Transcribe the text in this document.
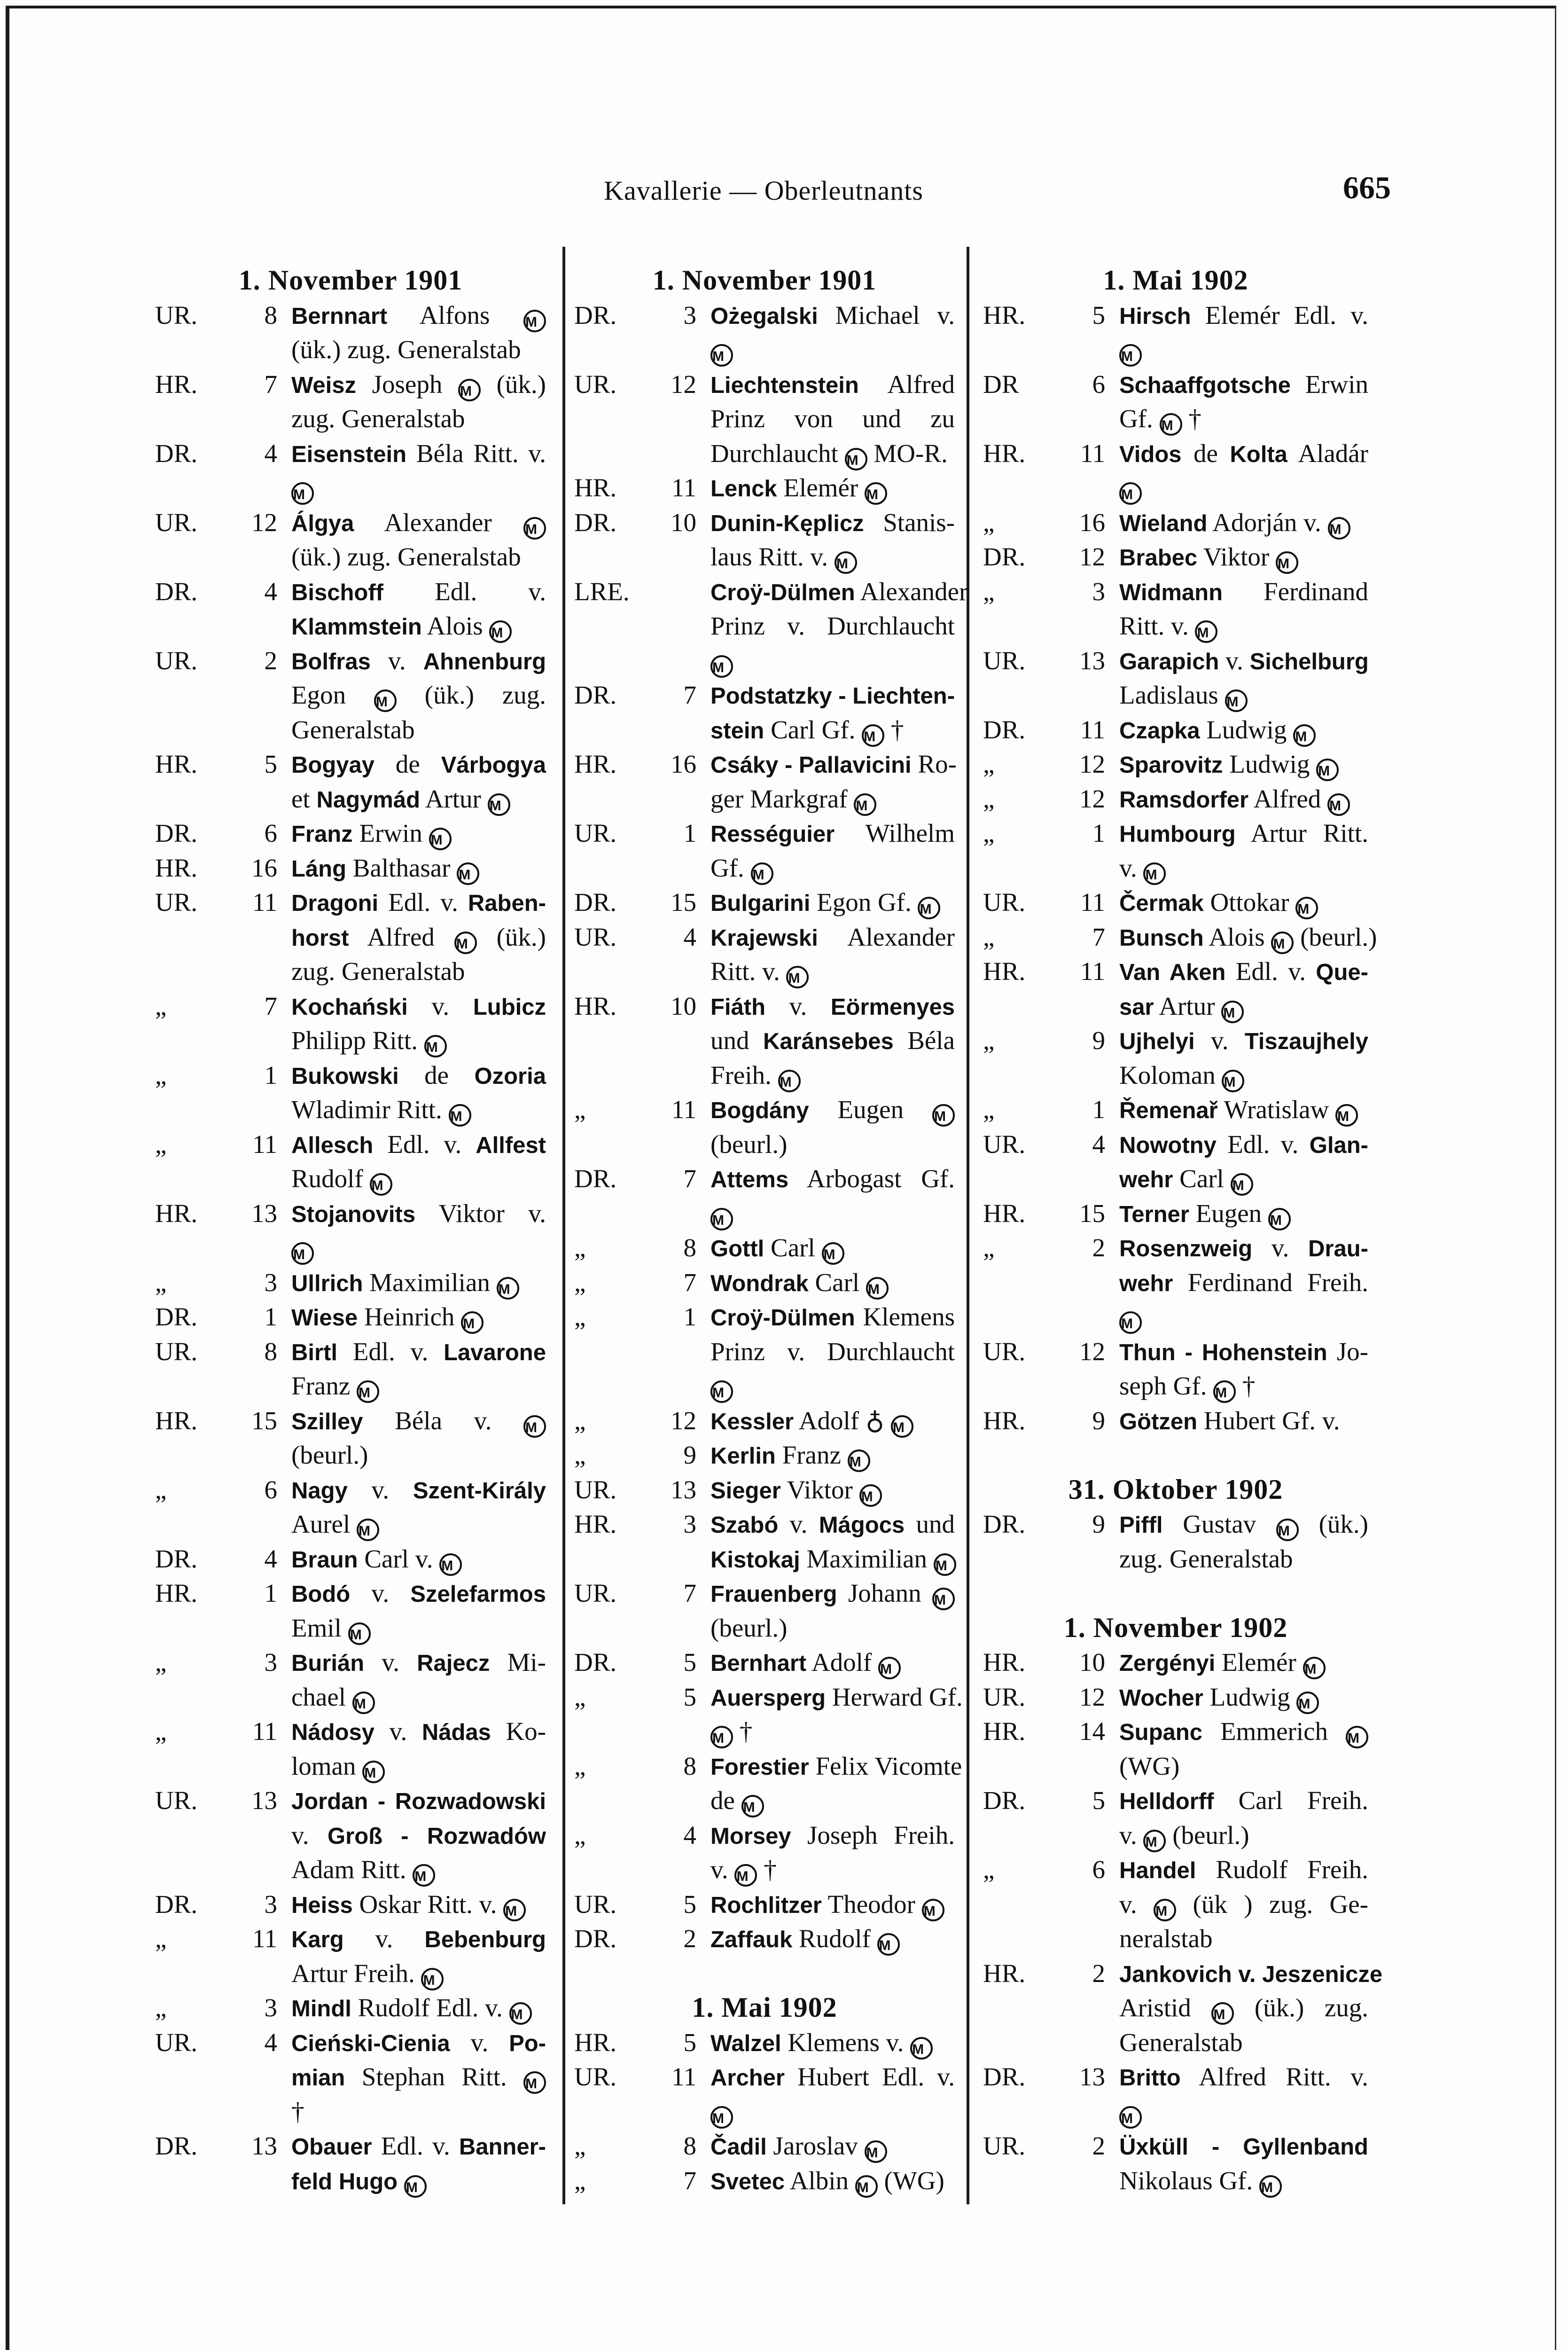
Kavallerie — Oberleutnants	665
1. November 1901
UR.	8 Bernnart Alfons M
(ük.) zug. Generalstab
HR.	7 Weisz Joseph M (ük.)
zug. Generalstab
DR.	4 Eisenstein Béla Ritt. v.
M
UR.	12 Álgya Alexander M
(ük.) zug. Generalstab
DR.	4 Bischoff Edl. v.
Klammstein Alois M
UR.	2 Bolfras v. Ahnenburg
Egon M (ük.) zug.
Generalstab
HR.	5 Bogyay de Várbogya
et Nagymád Artur M
DR.	6 Franz Erwin M
HR.	16 Láng Balthasar M
UR.	11 Dragoni Edl. v. Raben-
horst Alfred M (ük.)
zug. Generalstab
„	7 Kochański v. Lubicz
Philipp Ritt. M
„	1 Bukowski de Ozoria
Wladimir Ritt. M
„	11 Allesch Edl. v. Allfest
Rudolf M
HR.	13 Stojanovits Viktor v.
M
„	3 Ullrich Maximilian M
DR.	1 Wiese Heinrich M
UR.	8 Birtl Edl. v. Lavarone
Franz M
HR.	15 Szilley Béla v. M
(beurl.)
„	6 Nagy v. Szent-Király
Aurel M
DR.	4 Braun Carl v. M
HR.	1 Bodó v. Szelefarmos
Emil M
„	3 Burián v. Rajecz Mi-
chael M
„	11 Nádosy v. Nádas Ko-
loman M
UR.	13 Jordan - Rozwadowski
v. Groß - Rozwadów
Adam Ritt. M
DR.	3 Heiss Oskar Ritt. v. M
„	11 Karg v. Bebenburg
Artur Freih. M
„	3 Mindl Rudolf Edl. v. M
UR.	4 Cieński-Cienia v. Po-
mian Stephan Ritt. M
†
DR.	13 Obauer Edl. v. Banner-
feld Hugo M
1. November 1901
DR.	3 Ożegalski Michael v.
M
UR.	12 Liechtenstein Alfred
Prinz von und zu
Durchlaucht M MO-R.
HR.	11 Lenck Elemér M
DR.	10 Dunin-Kęplicz Stanis-
laus Ritt. v. M
LRE.	Croÿ-Dülmen Alexander
Prinz v. Durchlaucht
M
DR.	7 Podstatzky - Liechten-
stein Carl Gf. M †
HR.	16 Csáky - Pallavicini Ro-
ger Markgraf M
UR.	1 Rességuier Wilhelm
Gf. M
DR.	15 Bulgarini Egon Gf. M
UR.	4 Krajewski Alexander
Ritt. v. M
HR.	10 Fiáth v. Eörmenyes
und Karánsebes Béla
Freih. M
„	11 Bogdány Eugen M
(beurl.)
DR.	7 Attems Arbogast Gf.
M
„	8 Gottl Carl M
„	7 Wondrak Carl M
„	1 Croÿ-Dülmen Klemens
Prinz v. Durchlaucht
M
„	12 Kessler Adolf ♁ M
„	9 Kerlin Franz M
UR.	13 Sieger Viktor M
HR.	3 Szabó v. Mágocs und
Kistokaj Maximilian M
UR.	7 Frauenberg Johann M
(beurl.)
DR.	5 Bernhart Adolf M
„	5 Auersperg Herward Gf.
M †
„	8 Forestier Felix Vicomte
de M
„	4 Morsey Joseph Freih.
v. M †
UR.	5 Rochlitzer Theodor M
DR.	2 Zaffauk Rudolf M
1. Mai 1902
HR.	5 Walzel Klemens v. M
UR.	11 Archer Hubert Edl. v.
M
„	8 Čadil Jaroslav M
„	7 Svetec Albin M (WG)
1. Mai 1902
HR.	5 Hirsch Elemér Edl. v.
M
DR	6 Schaaffgotsche Erwin
Gf. M †
HR.	11 Vidos de Kolta Aladár
M
„	16 Wieland Adorján v. M
DR.	12 Brabec Viktor M
„	3 Widmann Ferdinand
Ritt. v. M
UR.	13 Garapich v. Sichelburg
Ladislaus M
DR.	11 Czapka Ludwig M
„	12 Sparovitz Ludwig M
„	12 Ramsdorfer Alfred M
„	1 Humbourg Artur Ritt.
v. M
UR.	11 Čermak Ottokar M
„	7 Bunsch Alois M (beurl.)
HR.	11 Van Aken Edl. v. Que-
sar Artur M
„	9 Ujhelyi v. Tiszaujhely
Koloman M
„	1 Řemenař Wratislaw M
UR.	4 Nowotny Edl. v. Glan-
wehr Carl M
HR.	15 Terner Eugen M
„	2 Rosenzweig v. Drau-
wehr Ferdinand Freih.
M
UR.	12 Thun - Hohenstein Jo-
seph Gf. M †
HR.	9 Götzen Hubert Gf. v.
31. Oktober 1902
DR.	9 Piffl Gustav M (ük.)
zug. Generalstab
1. November 1902
HR.	10 Zergényi Elemér M
UR.	12 Wocher Ludwig M
HR.	14 Supanc Emmerich M
(WG)
DR.	5 Helldorff Carl Freih.
v. M (beurl.)
„	6 Handel Rudolf Freih.
v. M (ük ) zug. Ge-
neralstab
HR.	2 Jankovich v. Jeszenicze
Aristid M (ük.) zug.
Generalstab
DR.	13 Britto Alfred Ritt. v.
M
UR.	2 Üxküll - Gyllenband
Nikolaus Gf. M
